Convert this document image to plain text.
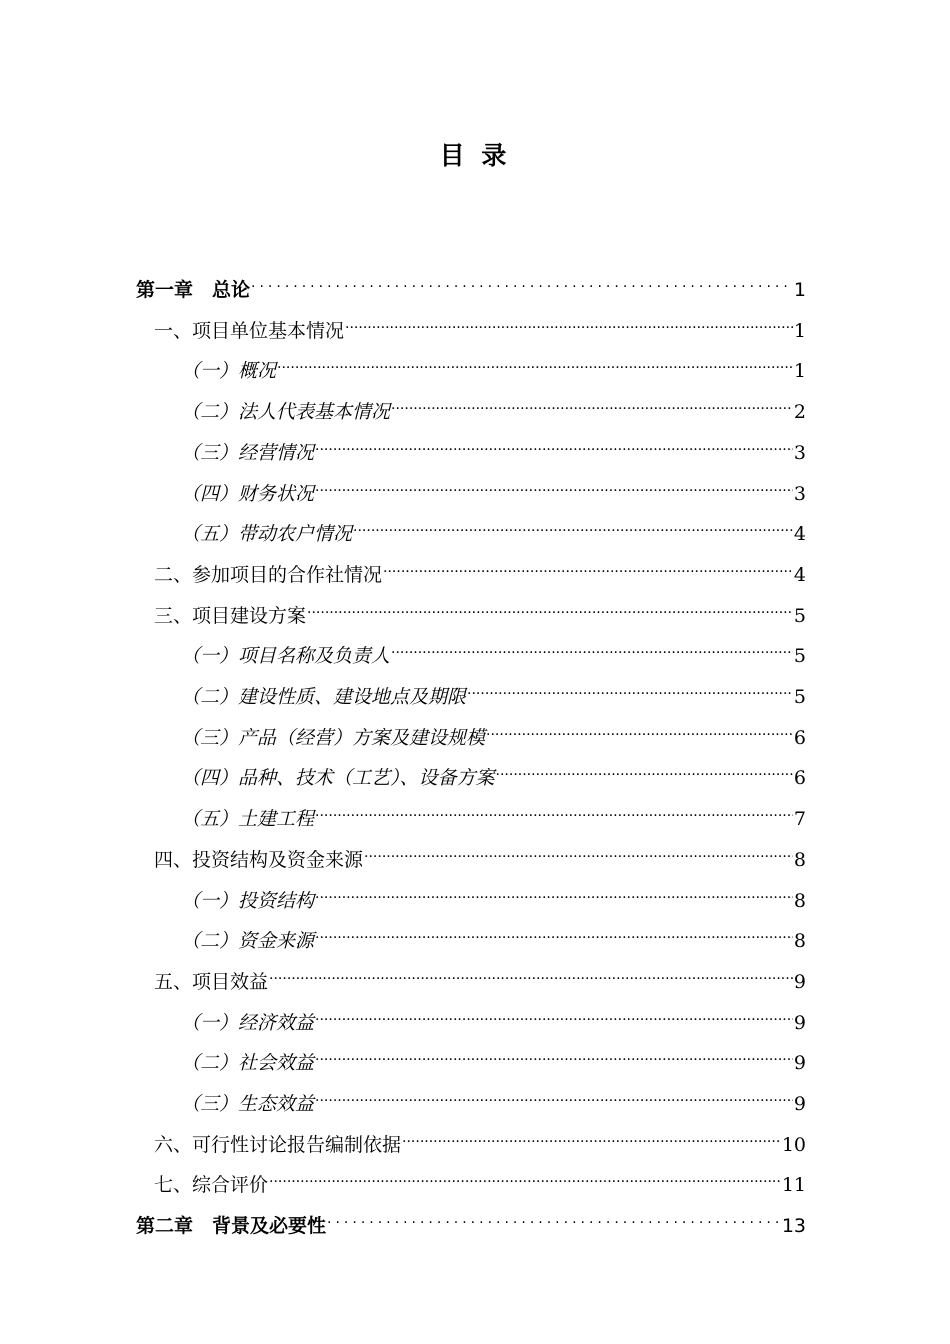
目 录
第一章　总论 .....	1
一、项目单位基本情况 .....	1
（一）概况 .....	1
（二）法人代表基本情况 .....	2
（三）经营情况 .....	3
（四）财务状况 .....	3
（五）带动农户情况 .....	4
二、参加项目的合作社情况 .....	4
三、项目建设方案 .....	5
（一）项目名称及负责人 .....	5
（二）建设性质、建设地点及期限 .....	5
（三）产品（经营）方案及建设规模 .....	6
（四）品种、技术（工艺）、设备方案 .....	6
（五）土建工程 .....	7
四、投资结构及资金来源 .....	8
（一）投资结构 .....	8
（二）资金来源 .....	8
五、项目效益 .....	9
（一）经济效益 .....	9
（二）社会效益 .....	9
（三）生态效益 .....	9
六、可行性讨论报告编制依据 .....	10
七、综合评价 .....	11
第二章　背景及必要性 .....	13
